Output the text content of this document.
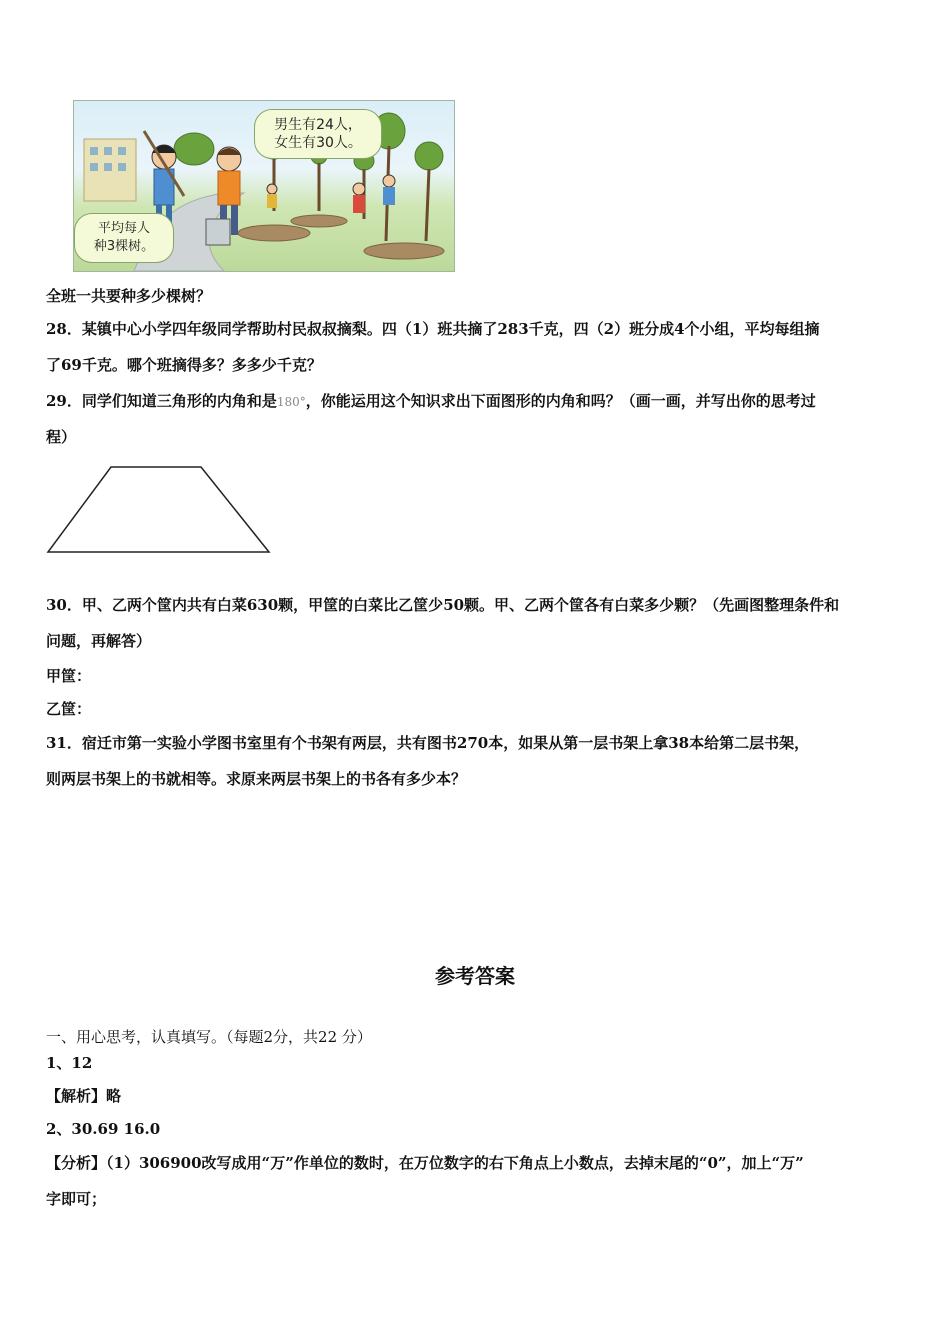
男生有24人，
女生有30人。
平均每人
种3棵树。
全班一共要种多少棵树？
28．某镇中心小学四年级同学帮助村民叔叔摘梨。四（1）班共摘了283千克，四（2）班分成4个小组，平均每组摘
了69千克。哪个班摘得多？多多少千克？
29．同学们知道三角形的内角和是180°，你能运用这个知识求出下面图形的内角和吗？（画一画，并写出你的思考过
程）
30．甲、乙两个筐内共有白菜630颗，甲筐的白菜比乙筐少50颗。甲、乙两个筐各有白菜多少颗？（先画图整理条件和
问题，再解答）
甲筐：
乙筐：
31．宿迁市第一实验小学图书室里有个书架有两层，共有图书270本，如果从第一层书架上拿38本给第二层书架，
则两层书架上的书就相等。求原来两层书架上的书各有多少本？
参考答案
一、用心思考，认真填写。（每题2分，共22 分）
1、12
【解析】略
2、30.69 16.0
【分析】（1）306900改写成用“万”作单位的数时，在万位数字的右下角点上小数点，去掉末尾的“0”，加上“万”
字即可；
